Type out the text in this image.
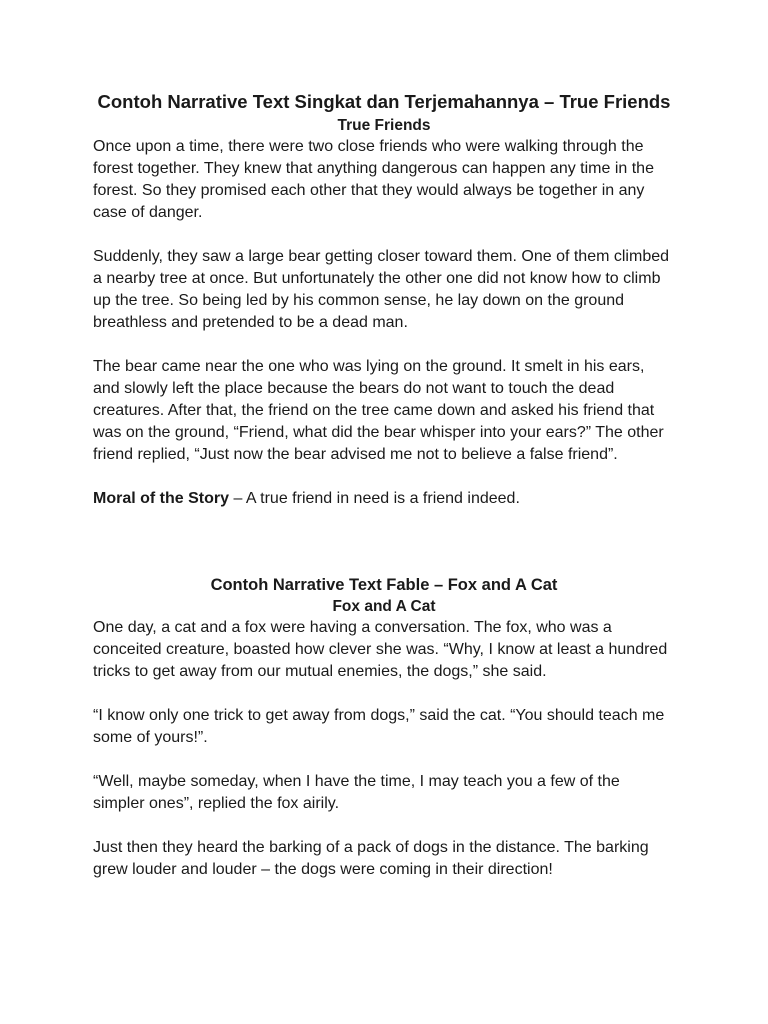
Contoh Narrative Text Singkat dan Terjemahannya – True Friends
True Friends

Once upon a time, there were two close friends who were walking through the forest together. They knew that anything dangerous can happen any time in the forest. So they promised each other that they would always be together in any case of danger.

Suddenly, they saw a large bear getting closer toward them. One of them climbed a nearby tree at once. But unfortunately the other one did not know how to climb up the tree. So being led by his common sense, he lay down on the ground breathless and pretended to be a dead man.

The bear came near the one who was lying on the ground. It smelt in his ears, and slowly left the place because the bears do not want to touch the dead creatures. After that, the friend on the tree came down and asked his friend that was on the ground, “Friend, what did the bear whisper into your ears?” The other friend replied, “Just now the bear advised me not to believe a false friend”.

Moral of the Story – A true friend in need is a friend indeed.

Contoh Narrative Text Fable – Fox and A Cat
Fox and A Cat

One day, a cat and a fox were having a conversation. The fox, who was a conceited creature, boasted how clever she was. “Why, I know at least a hundred tricks to get away from our mutual enemies, the dogs,” she said.

“I know only one trick to get away from dogs,” said the cat. “You should teach me some of yours!”.

“Well, maybe someday, when I have the time, I may teach you a few of the simpler ones”, replied the fox airily.

Just then they heard the barking of a pack of dogs in the distance. The barking grew louder and louder – the dogs were coming in their direction!
